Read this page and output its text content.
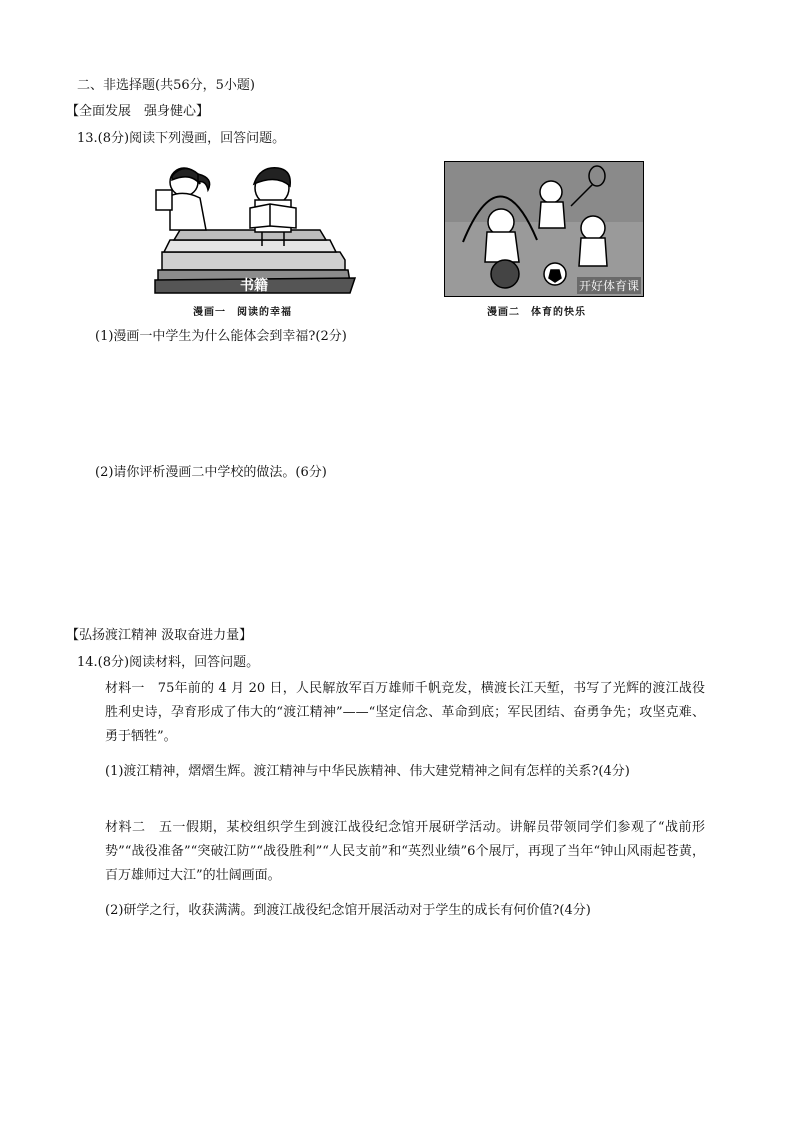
二、非选择题(共56分，5小题)
【全面发展　强身健心】
13.(8分)阅读下列漫画，回答问题。
书籍
漫画一　阅读的幸福
开好体育课
漫画二　体育的快乐
(1)漫画一中学生为什么能体会到幸福?(2分)
(2)请你评析漫画二中学校的做法。(6分)
【弘扬渡江精神 汲取奋进力量】
14.(8分)阅读材料，回答问题。
材料一　75年前的 4 月 20 日，人民解放军百万雄师千帆竞发，横渡长江天堑，书写了光辉的渡江战役胜利史诗，孕育形成了伟大的“渡江精神”——“坚定信念、革命到底；军民团结、奋勇争先；攻坚克难、勇于牺牲”。
(1)渡江精神，熠熠生辉。渡江精神与中华民族精神、伟大建党精神之间有怎样的关系?(4分)
材料二　五一假期，某校组织学生到渡江战役纪念馆开展研学活动。讲解员带领同学们参观了“战前形势”“战役准备”“突破江防”“战役胜利”“人民支前”和“英烈业绩”6个展厅，再现了当年“钟山风雨起苍黄，百万雄师过大江”的壮阔画面。
(2)研学之行，收获满满。到渡江战役纪念馆开展活动对于学生的成长有何价值?(4分)
